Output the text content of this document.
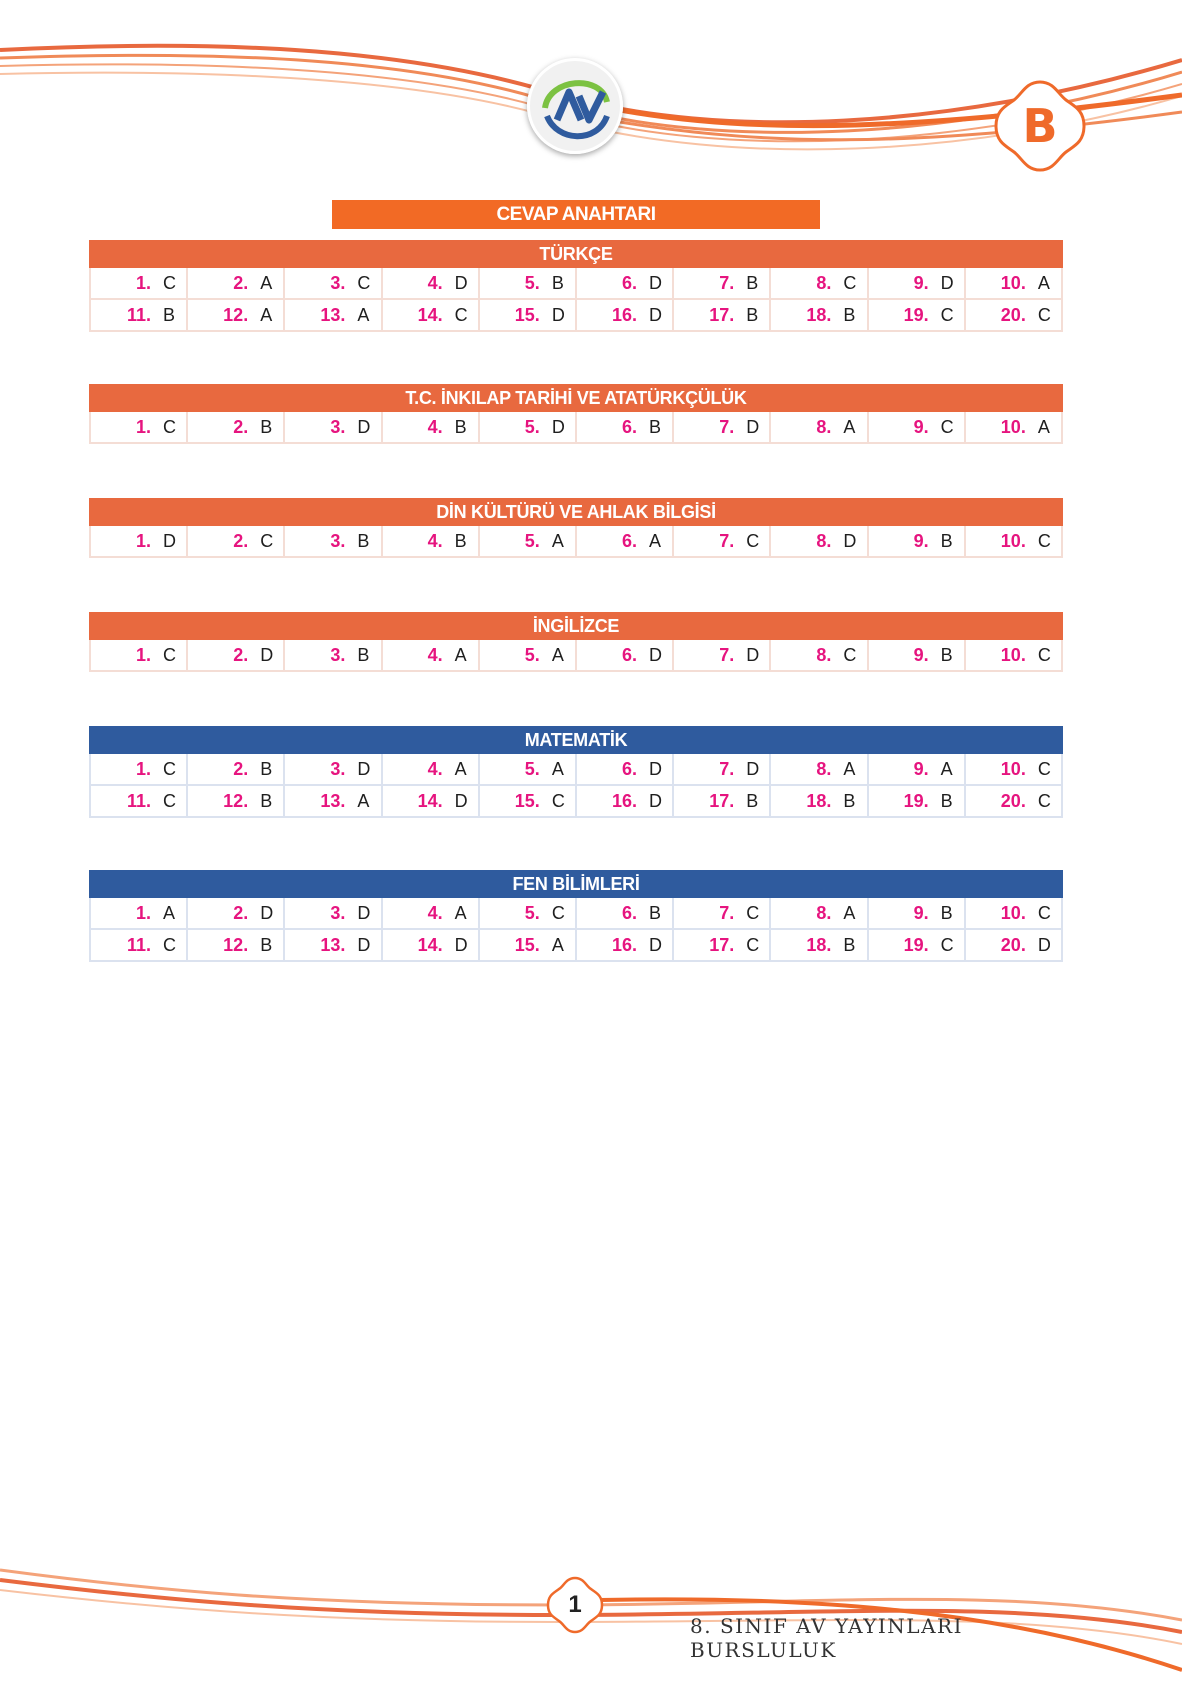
B
CEVAP ANAHTARI
TÜRKÇE
1. C	2. A	3. C	4. D	5. B	6. D	7. B	8. C	9. D	10. A
11. B	12. A	13. A	14. C	15. D	16. D	17. B	18. B	19. C	20. C
T.C. İNKILAP TARİHİ VE ATATÜRKÇÜLÜK
1. C	2. B	3. D	4. B	5. D	6. B	7. D	8. A	9. C	10. A
DİN KÜLTÜRÜ VE AHLAK BİLGİSİ
1. D	2. C	3. B	4. B	5. A	6. A	7. C	8. D	9. B	10. C
İNGİLİZCE
1. C	2. D	3. B	4. A	5. A	6. D	7. D	8. C	9. B	10. C
MATEMATİK
1. C	2. B	3. D	4. A	5. A	6. D	7. D	8. A	9. A	10. C
11. C	12. B	13. A	14. D	15. C	16. D	17. B	18. B	19. B	20. C
FEN BİLİMLERİ
1. A	2. D	3. D	4. A	5. C	6. B	7. C	8. A	9. B	10. C
11. C	12. B	13. D	14. D	15. A	16. D	17. C	18. B	19. C	20. D
1
8. SINIF AV YAYINLARI BURSLULUK
